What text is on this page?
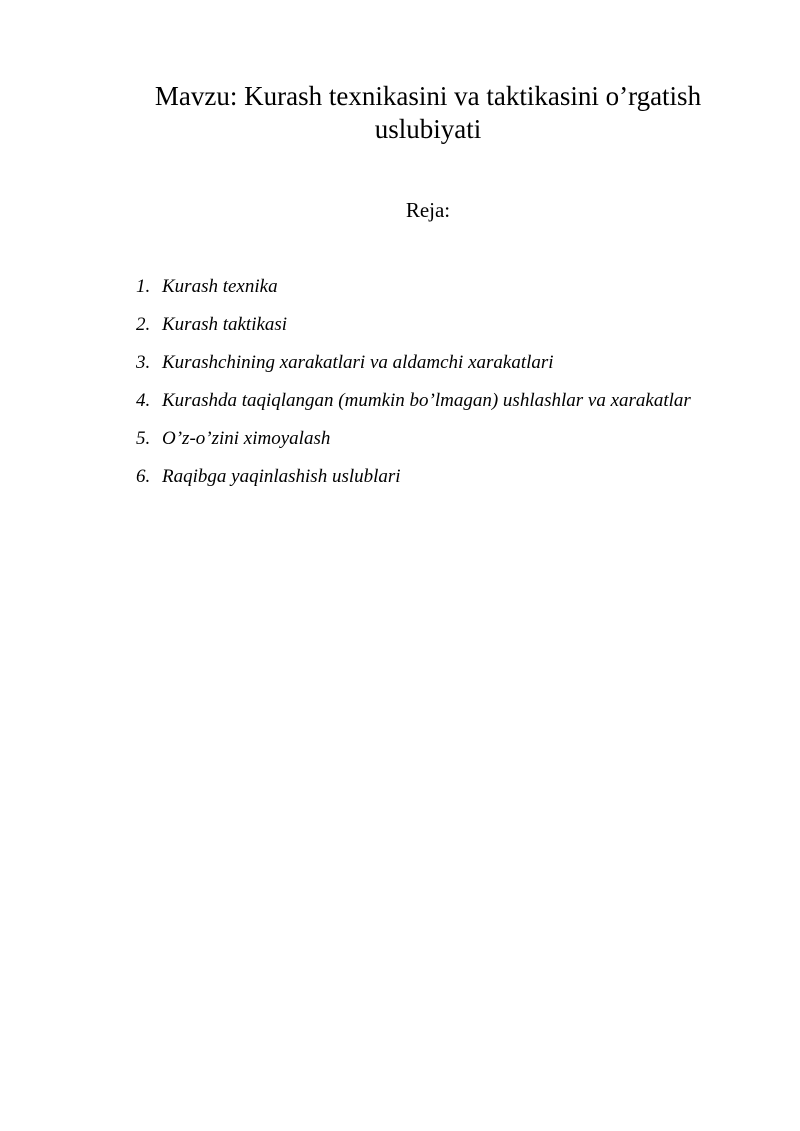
Mavzu: Kurash texnikasini va taktikasini o’rgatish uslubiyati

Reja:

1. Kurash texnika
2. Kurash taktikasi
3. Kurashchining xarakatlari va aldamchi xarakatlari
4. Kurashda taqiqlangan (mumkin bo’lmagan) ushlashlar va xarakatlar
5. O’z-o’zini ximoyalash
6. Raqibga yaqinlashish uslublari
